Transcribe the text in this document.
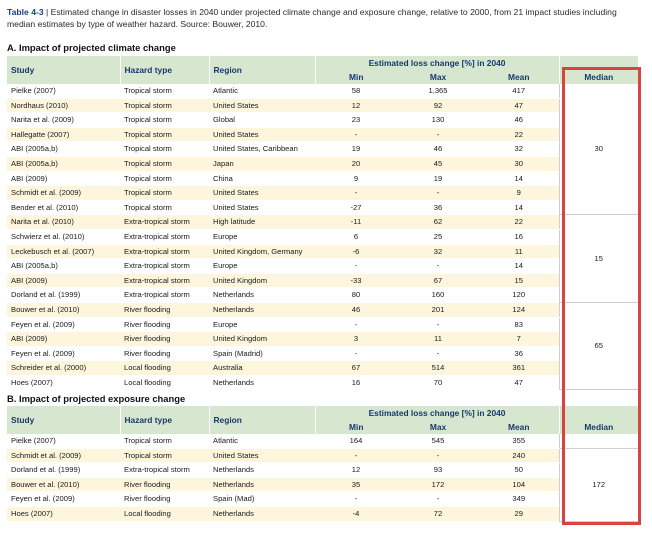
Table 4-3 | Estimated change in disaster losses in 2040 under projected climate change and exposure change, relative to 2000, from 21 impact studies including median estimates by type of weather hazard. Source: Bouwer, 2010.
A. Impact of projected climate change
Study	Hazard type	Region	Estimated loss change [%] in 2040			
			Min	Max	Mean	Median
Pielke (2007)	Tropical storm	Atlantic	58	1,365	417	30
Nordhaus (2010)	Tropical storm	United States	12	92	47	
Narita et al. (2009)	Tropical storm	Global	23	130	46	
Hallegatte (2007)	Tropical storm	United States	-	-	22	
ABI (2005a,b)	Tropical storm	United States, Caribbean	19	46	32	
ABI (2005a,b)	Tropical storm	Japan	20	45	30	
ABI (2009)	Tropical storm	China	9	19	14	
Schmidt et al. (2009)	Tropical storm	United States	-	-	9	
Bender et al. (2010)	Tropical storm	United States	-27	36	14	
Narita et al. (2010)	Extra-tropical storm	High latitude	-11	62	22	15
Schwierz et al. (2010)	Extra-tropical storm	Europe	6	25	16	
Leckebusch et al. (2007)	Extra-tropical storm	United Kingdom, Germany	-6	32	11	
ABI (2005a,b)	Extra-tropical storm	Europe	-	-	14	
ABI (2009)	Extra-tropical storm	United Kingdom	-33	67	15	
Dorland et al. (1999)	Extra-tropical storm	Netherlands	80	160	120	
Bouwer et al. (2010)	River flooding	Netherlands	46	201	124	65
Feyen et al. (2009)	River flooding	Europe	-	-	83	
ABI (2009)	River flooding	United Kingdom	3	11	7	
Feyen et al. (2009)	River flooding	Spain (Madrid)	-	-	36	
Schreider et al. (2000)	Local flooding	Australia	67	514	361	
Hoes (2007)	Local flooding	Netherlands	16	70	47	
B. Impact of projected exposure change
Study	Hazard type	Region	Estimated loss change [%] in 2040			
			Min	Max	Mean	Median
Pielke (2007)	Tropical storm	Atlantic	164	545	355	
Schmidt et al. (2009)	Tropical storm	United States	-	-	240	172
Dorland et al. (1999)	Extra-tropical storm	Netherlands	12	93	50	
Bouwer et al. (2010)	River flooding	Netherlands	35	172	104	
Feyen et al. (2009)	River flooding	Spain (Mad)	-	-	349	
Hoes (2007)	Local flooding	Netherlands	-4	72	29	
